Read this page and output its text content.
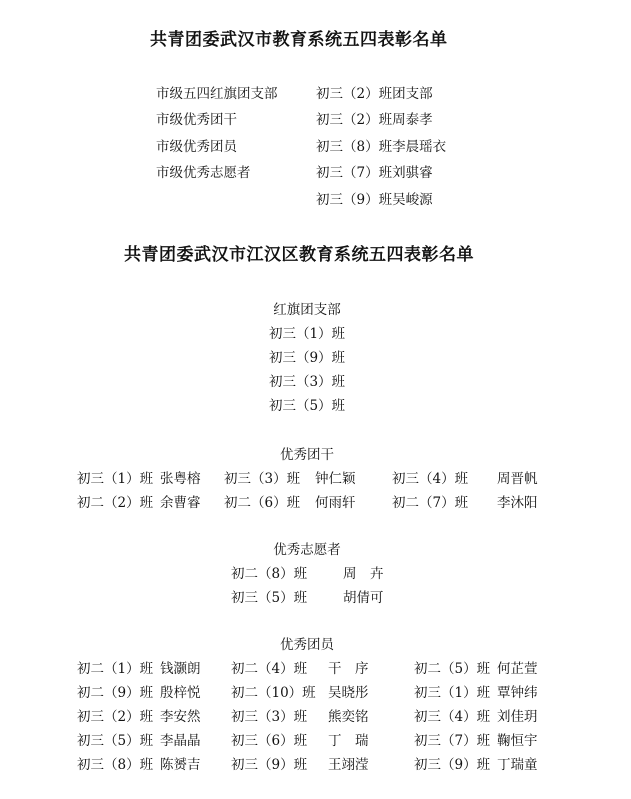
共青团委武汉市教育系统五四表彰名单
市级五四红旗团支部	初三（2）班团支部
市级优秀团干	初三（2）班周泰孝
市级优秀团员	初三（8）班李晨瑶衣
市级优秀志愿者	初三（7）班刘骐睿
初三（9）班吴峻源
共青团委武汉市江汉区教育系统五四表彰名单
红旗团支部
初三（1）班
初三（9）班
初三（3）班
初三（5）班
优秀团干
初三（1）班 张粤榕 初三（3）班 钟仁颖	初三（4）班 周晋帆
初二（2）班 余曹睿 初二（6）班 何雨轩	初二（7）班 李沐阳
优秀志愿者
初二（8）班	周　卉
初三（5）班	胡倩可
优秀团员
初二（1）班 钱灏朗 初二（4）班 干　序	初二（5）班 何芷萱
初二（9）班 殷梓悦 初二（10）班 吴晓彤	初三（1）班 覃钟纬
初三（2）班 李安然 初三（3）班 熊奕铭	初三（4）班 刘佳玥
初三（5）班 李晶晶 初三（6）班 丁　瑞	初三（7）班 鞠恒宇
初三（8）班 陈赟吉 初三（9）班 王翊滢	初三（9）班 丁瑞童
